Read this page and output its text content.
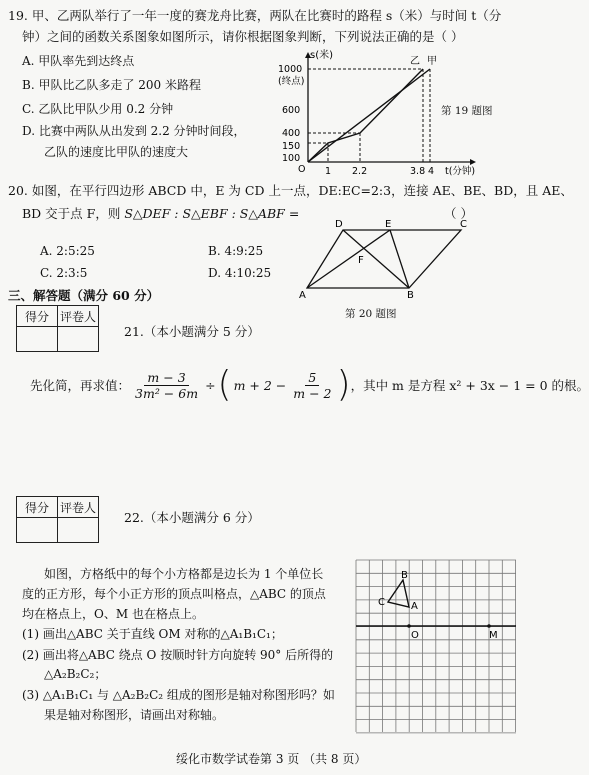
19. 甲、乙两队举行了一年一度的赛龙舟比赛，两队在比赛时的路程 s（米）与时间 t（分
钟）之间的函数关系图象如图所示，请你根据图象判断，下列说法正确的是（ ）
A. 甲队率先到达终点
B. 甲队比乙队多走了 200 米路程
C. 乙队比甲队少用 0.2 分钟
D. 比赛中两队从出发到 2.2 分钟时间段，
乙队的速度比甲队的速度大
s(米)
1000
(终点)
600
400
150
100
O 1 2.2	3.8 4 t(分钟)
乙 甲
第 19 题图
20. 如图，在平行四边形 ABCD 中，E 为 CD 上一点，DE:EC=2:3，连接 AE、BE、BD，且 AE、
BD 交于点 F，则 S△DEF : S△EBF : S△ABF =	（ ）
A. 2:5:25	B. 4:9:25
C. 2:3:5	D. 4:10:25
D	E	C
F
A	B
第 20 题图
三、解答题（满分 60 分）
得分	评卷人

21.（本小题满分 5 分）
先化简，再求值： $\frac{m - 3}{\text{3m² − 6m}}$ ÷ ( $m + 2 - \frac{5}{m - 2}$ ) ，其中 m 是方程 x² + 3x − 1 = 0 的根。
得分	评卷人

22.（本小题满分 6 分）
如图，方格纸中的每个小方格都是边长为 1 个单位长
度的正方形，每个小正方形的顶点叫格点，△ABC 的顶点
均在格点上，O、M 也在格点上。
(1) 画出△ABC 关于直线 OM 对称的△A₁B₁C₁；
(2) 画出将△ABC 绕点 O 按顺时针方向旋转 90° 后所得的
△A₂B₂C₂；
(3) △A₁B₁C₁ 与 △A₂B₂C₂ 组成的图形是轴对称图形吗？如
果是轴对称图形，请画出对称轴。
B
C	A
O	M
绥化市数学试卷第 3 页 （共 8 页）
